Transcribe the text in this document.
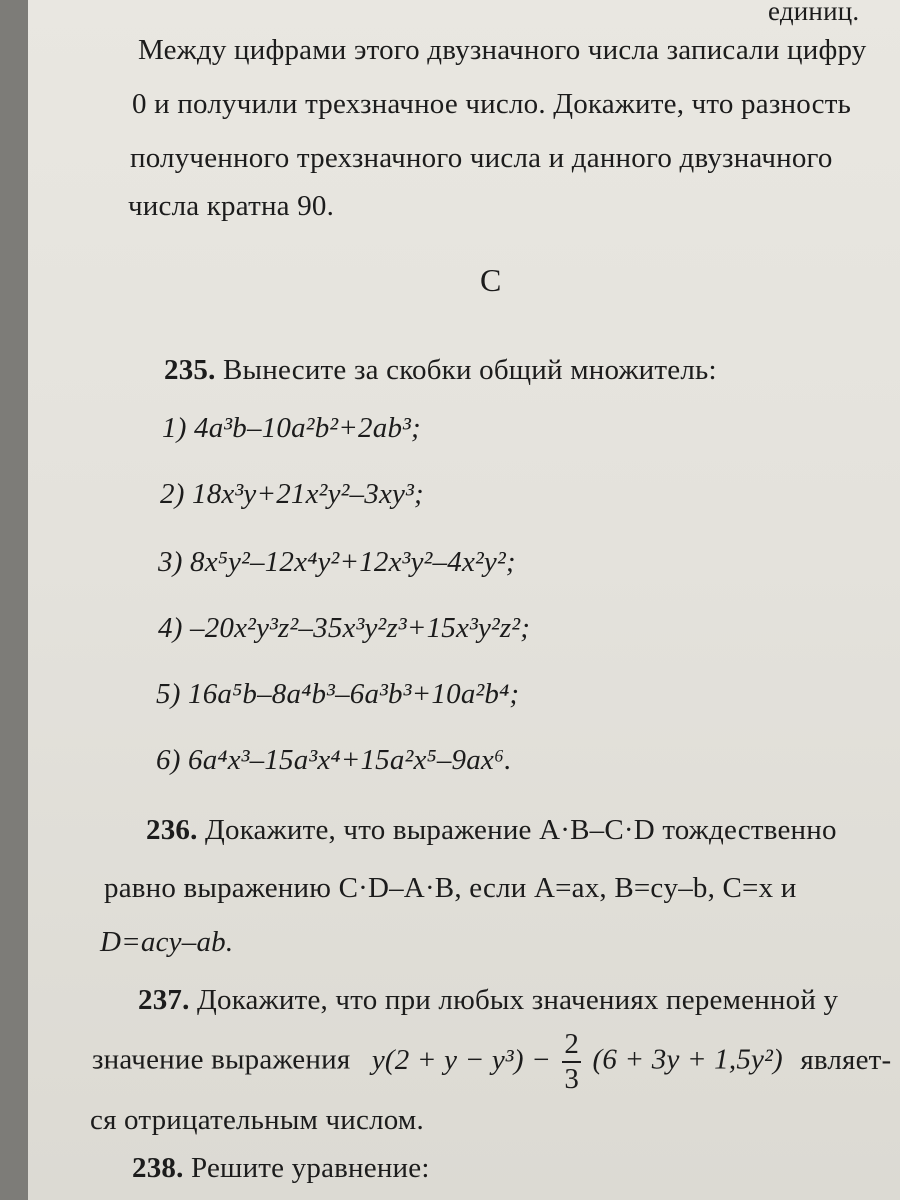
единиц.
Между цифрами этого двузначного числа записали цифру
0 и получили трехзначное число. Докажите, что разность
полученного трехзначного числа и данного двузначного
числа кратна 90.
C
235. Вынесите за скобки общий множитель:
1) 4a³b–10a²b²+2ab³;
2) 18x³y+21x²y²–3xy³;
3) 8x⁵y²–12x⁴y²+12x³y²–4x²y²;
4) –20x²y³z²–35x³y²z³+15x³y²z²;
5) 16a⁵b–8a⁴b³–6a³b³+10a²b⁴;
6) 6a⁴x³–15a³x⁴+15a²x⁵–9ax⁶.
236. Докажите, что выражение A·B–C·D тождественно
равно выражению C·D–A·B, если A=ax, B=cy–b, C=x и
D=acy–ab.
237. Докажите, что при любых значениях переменной y
значение выражения $y(2 + y - y^3) - \frac{2}{3} (6 + 3y + 1,5y^2)$ являет-
ся отрицательным числом.
238. Решите уравнение:
